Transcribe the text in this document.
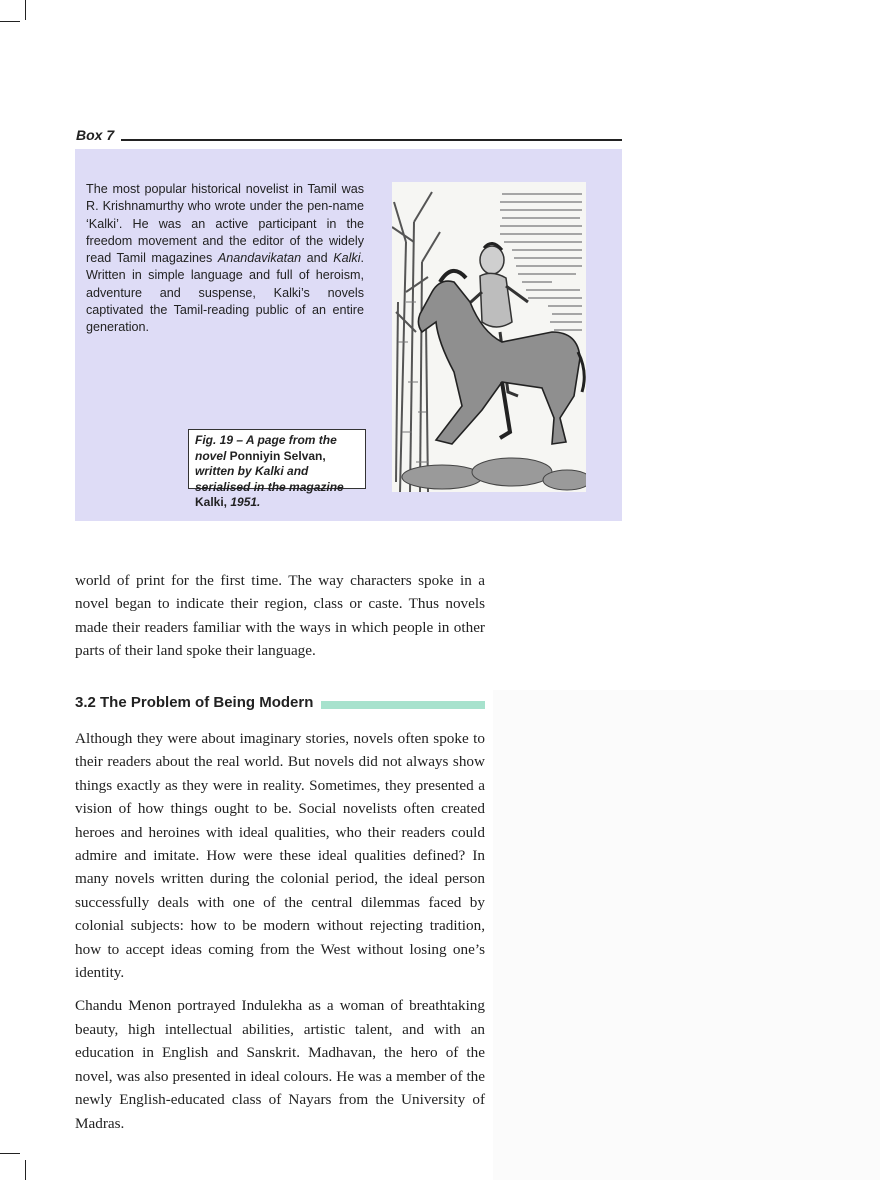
Box 7
The most popular historical novelist in Tamil was R. Krishnamurthy who wrote under the pen-name ‘Kalki’. He was an active participant in the freedom movement and the editor of the widely read Tamil magazines Anandavikatan and Kalki. Written in simple language and full of heroism, adventure and suspense, Kalki’s novels captivated the Tamil-reading public of an entire generation.
Fig. 19 – A page from the novel Ponniyin Selvan, written by Kalki and serialised in the magazine Kalki, 1951.

world of print for the first time. The way characters spoke in a novel began to indicate their region, class or caste. Thus novels made their readers familiar with the ways in which people in other parts of their land spoke their language.

3.2 The Problem of Being Modern

Although they were about imaginary stories, novels often spoke to their readers about the real world. But novels did not always show things exactly as they were in reality. Sometimes, they presented a vision of how things ought to be. Social novelists often created heroes and heroines with ideal qualities, who their readers could admire and imitate. How were these ideal qualities defined? In many novels written during the colonial period, the ideal person successfully deals with one of the central dilemmas faced by colonial subjects: how to be modern without rejecting tradition, how to accept ideas coming from the West without losing one’s identity.

Chandu Menon portrayed Indulekha as a woman of breathtaking beauty, high intellectual abilities, artistic talent, and with an education in English and Sanskrit. Madhavan, the hero of the novel, was also presented in ideal colours. He was a member of the newly English-educated class of Nayars from the University of Madras.
